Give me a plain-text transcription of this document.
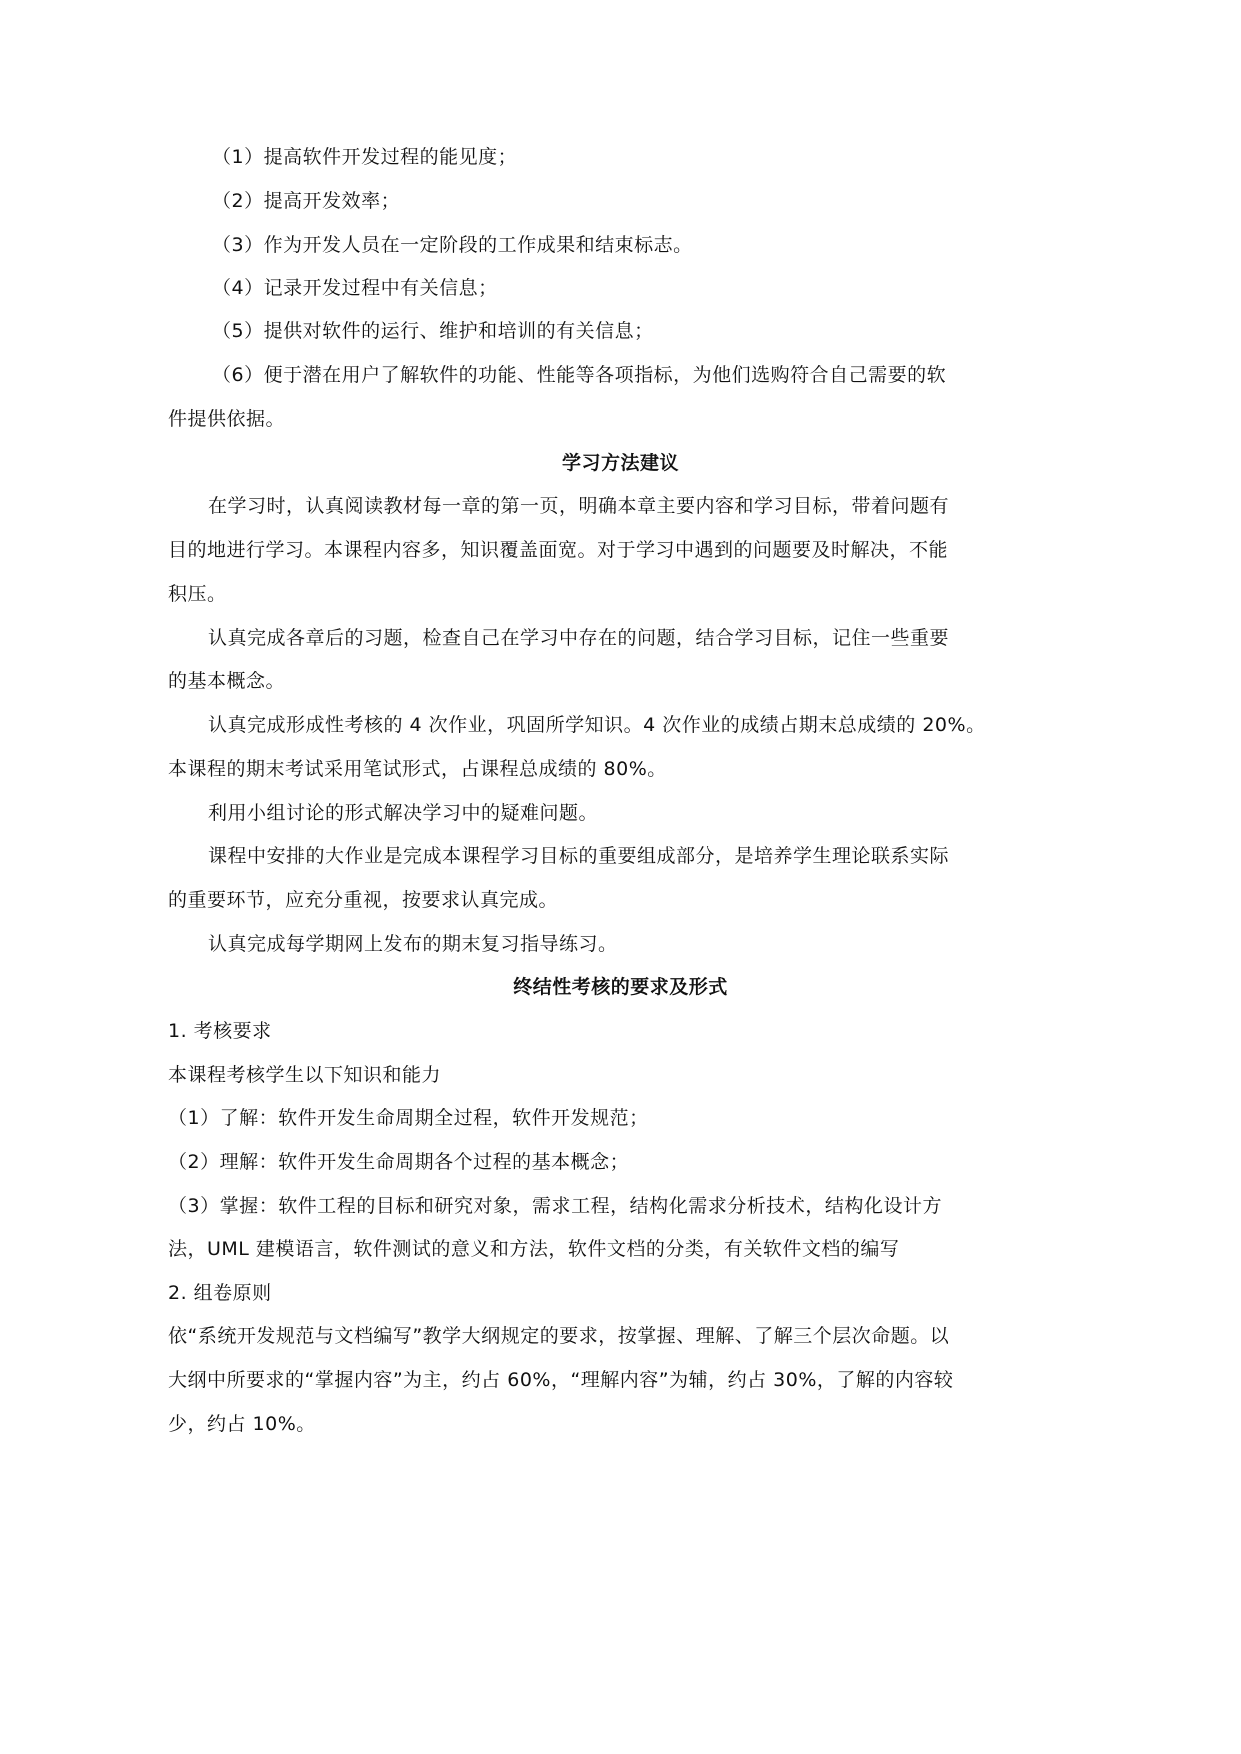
（1）提高软件开发过程的能见度；
（2）提高开发效率；
（3）作为开发人员在一定阶段的工作成果和结束标志。
（4）记录开发过程中有关信息；
（5）提供对软件的运行、维护和培训的有关信息；
（6）便于潜在用户了解软件的功能、性能等各项指标，为他们选购符合自己需要的软
件提供依据。
学习方法建议
在学习时，认真阅读教材每一章的第一页，明确本章主要内容和学习目标，带着问题有
目的地进行学习。本课程内容多，知识覆盖面宽。对于学习中遇到的问题要及时解决，不能
积压。
认真完成各章后的习题，检查自己在学习中存在的问题，结合学习目标，记住一些重要
的基本概念。
认真完成形成性考核的 4 次作业，巩固所学知识。4 次作业的成绩占期末总成绩的 20%。
本课程的期末考试采用笔试形式，占课程总成绩的 80%。
利用小组讨论的形式解决学习中的疑难问题。
课程中安排的大作业是完成本课程学习目标的重要组成部分，是培养学生理论联系实际
的重要环节，应充分重视，按要求认真完成。
认真完成每学期网上发布的期末复习指导练习。
终结性考核的要求及形式
1. 考核要求
本课程考核学生以下知识和能力
（1）了解：软件开发生命周期全过程，软件开发规范；
（2）理解：软件开发生命周期各个过程的基本概念；
（3）掌握：软件工程的目标和研究对象，需求工程，结构化需求分析技术，结构化设计方
法，UML 建模语言，软件测试的意义和方法，软件文档的分类，有关软件文档的编写
2. 组卷原则
依“系统开发规范与文档编写”教学大纲规定的要求，按掌握、理解、了解三个层次命题。以
大纲中所要求的“掌握内容”为主，约占 60%，“理解内容”为辅，约占 30%，了解的内容较
少，约占 10%。
